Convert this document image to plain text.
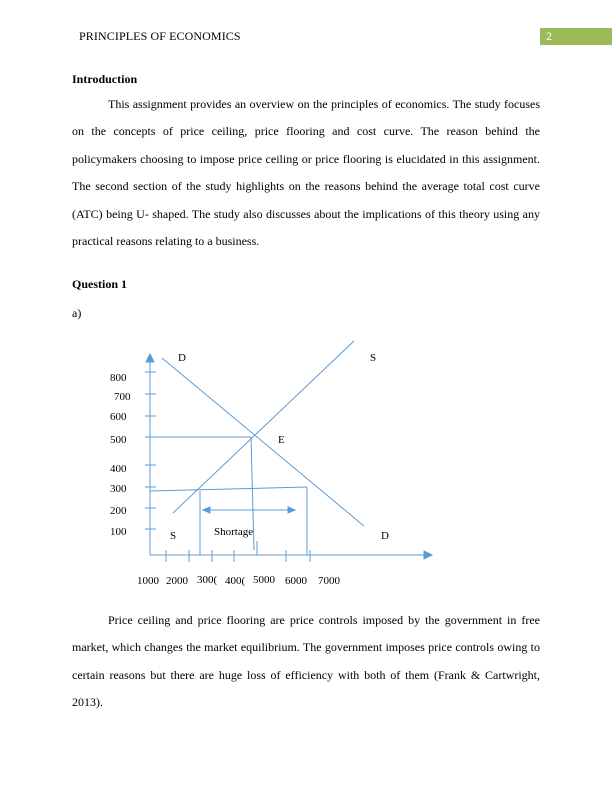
PRINCIPLES OF ECONOMICS	2
Introduction

This assignment provides an overview on the principles of economics. The study focuses on the concepts of price ceiling, price flooring and cost curve. The reason behind the policymakers choosing to impose price ceiling or price flooring is elucidated in this assignment. The second section of the study highlights on the reasons behind the average total cost curve (ATC) being U- shaped. The study also discusses about the implications of this theory using any practical reasons relating to a business.

Question 1
a)
D	S
E
S	D
Shortage
800
700
600
500
400
300
200
100
1000 2000 300( 400( 5000 6000 7000

Price ceiling and price flooring are price controls imposed by the government in free market, which changes the market equilibrium. The government imposes price controls owing to certain reasons but there are huge loss of efficiency with both of them (Frank & Cartwright, 2013).
